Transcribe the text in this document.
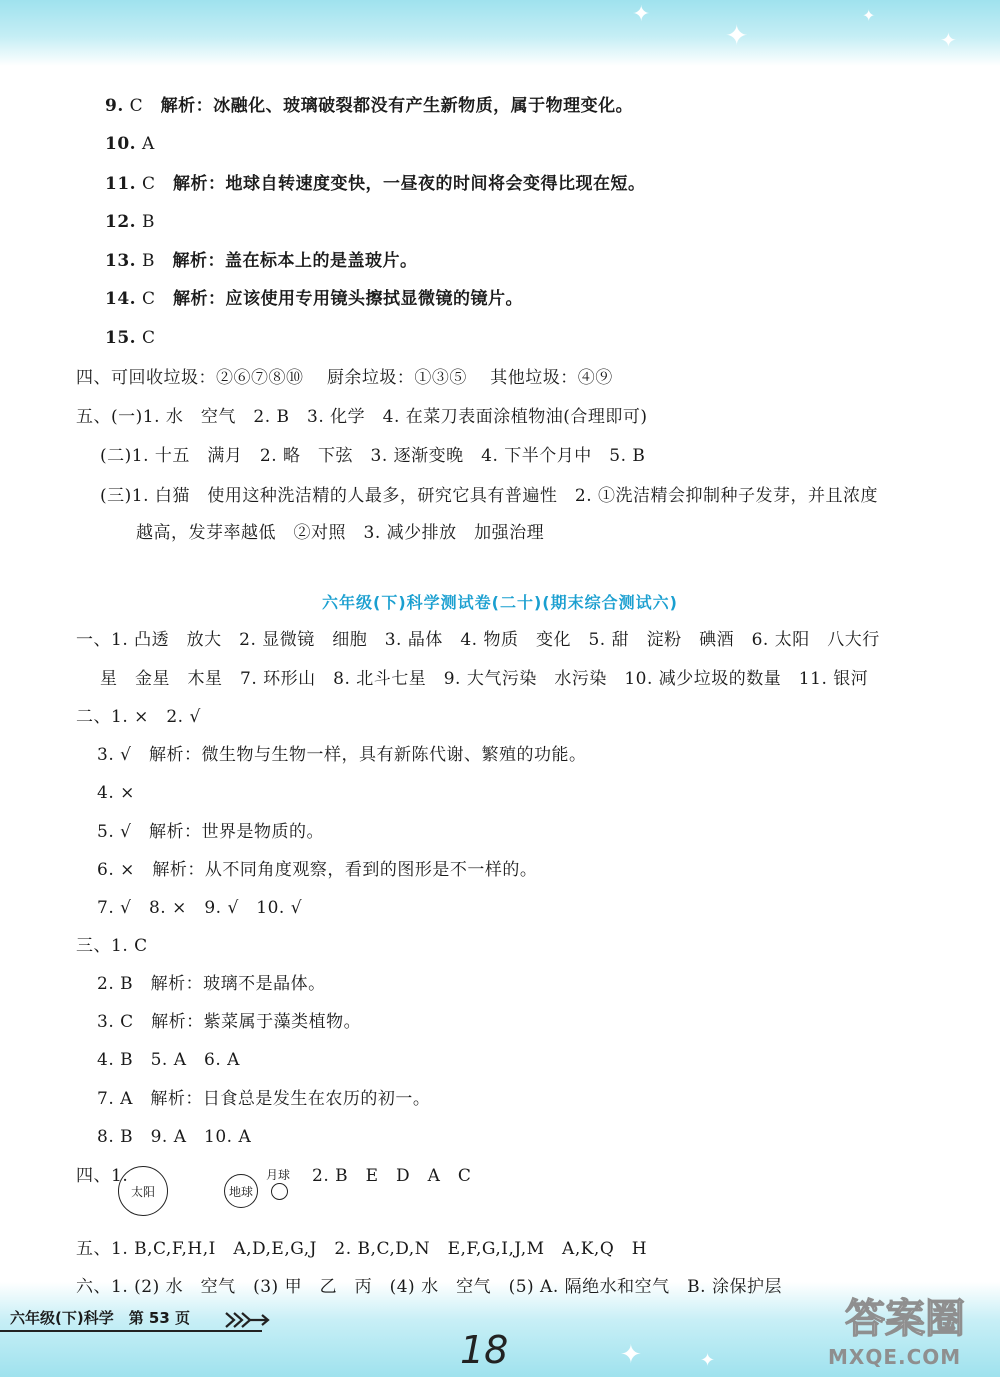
✦
✦
✦
✦
✦	✦
9. C　 解析：冰融化、玻璃破裂都没有产生新物质，属于物理变化。
10. A
11. C　 解析：地球自转速度变快，一昼夜的时间将会变得比现在短。
12. B
13. B　 解析：盖在标本上的是盖玻片。
14. C　 解析：应该使用专用镜头擦拭显微镜的镜片。
15. C
四、可回收垃圾：②⑥⑦⑧⑩　 厨余垃圾：①③⑤　 其他垃圾：④⑨
五、(一)1. 水　空气　2. B　3. 化学　4. 在菜刀表面涂植物油(合理即可)
(二)1. 十五　满月　2. 略　下弦　3. 逐渐变晚　4. 下半个月中　5. B
(三)1. 白猫　使用这种洗洁精的人最多，研究它具有普遍性　2. ①洗洁精会抑制种子发芽，并且浓度
越高，发芽率越低　②对照　3. 减少排放　加强治理
六年级(下)科学测试卷(二十)(期末综合测试六)
一、1. 凸透　放大　2. 显微镜　细胞　3. 晶体　4. 物质　变化　5. 甜　淀粉　碘酒　6. 太阳　八大行
星　金星　木星　7. 环形山　8. 北斗七星　9. 大气污染　水污染　10. 减少垃圾的数量　11. 银河
二、1. ×　2. √
3. √　解析：微生物与生物一样，具有新陈代谢、繁殖的功能。
4. ×
5. √　解析：世界是物质的。
6. ×　解析：从不同角度观察，看到的图形是不一样的。
7. √　8. ×　9. √　10. √
三、1. C
2. B　解析：玻璃不是晶体。
3. C　解析：紫菜属于藻类植物。
4. B　5. A　6. A
7. A　解析：日食总是发生在农历的初一。
8. B　9. A　10. A
四、1.
太阳	地球
月球 2. B　E　D　A　C
五、1. B,C,F,H,I　A,D,E,G,J　2. B,C,D,N　E,F,G,I,J,M　A,K,Q　H
六、1. (2) 水　空气　(3) 甲　乙　丙　(4) 水　空气　(5) A. 隔绝水和空气　B. 涂保护层
六年级(下)科学　第 53 页
18
答案圈
MXQE.COM
